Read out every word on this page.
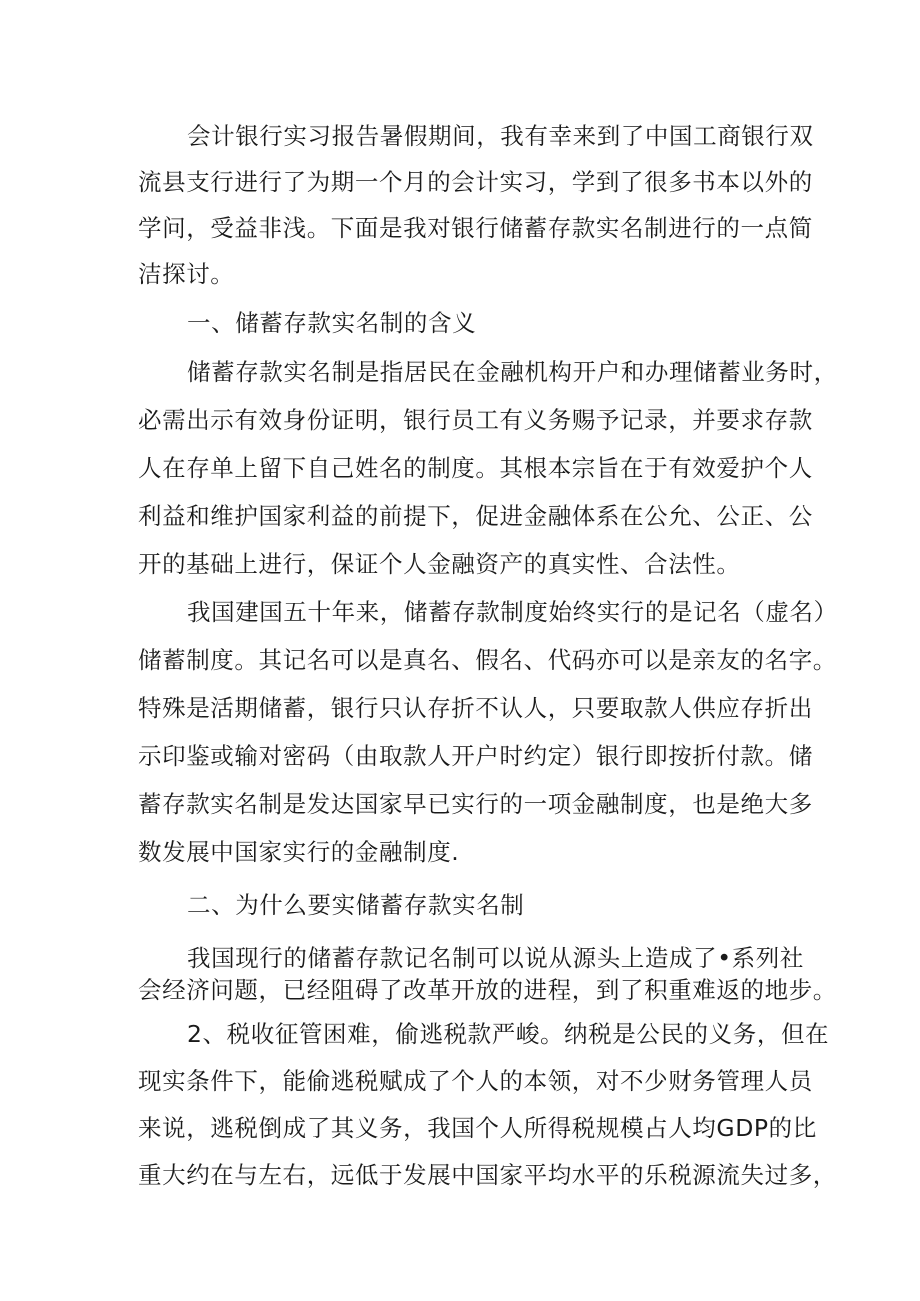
会计银行实习报告暑假期间，我有幸来到了中国工商银行双
流县支行进行了为期一个月的会计实习，学到了很多书本以外的
学问，受益非浅。下面是我对银行储蓄存款实名制进行的一点简
洁探讨。
一、储蓄存款实名制的含义
储蓄存款实名制是指居民在金融机构开户和办理储蓄业务时，
必需出示有效身份证明，银行员工有义务赐予记录，并要求存款
人在存单上留下自己姓名的制度。其根本宗旨在于有效爱护个人
利益和维护国家利益的前提下，促进金融体系在公允、公正、公
开的基础上进行，保证个人金融资产的真实性、合法性。
我国建国五十年来，储蓄存款制度始终实行的是记名（虚名）
储蓄制度。其记名可以是真名、假名、代码亦可以是亲友的名字。
特殊是活期储蓄，银行只认存折不认人，只要取款人供应存折出
示印鉴或输对密码（由取款人开户时约定）银行即按折付款。储
蓄存款实名制是发达国家早已实行的一项金融制度，也是绝大多
数发展中国家实行的金融制度.
二、为什么要实储蓄存款实名制
我国现行的储蓄存款记名制可以说从源头上造成了•系列社
会经济问题，已经阻碍了改革开放的进程，到了积重难返的地步。
2、税收征管困难，偷逃税款严峻。纳税是公民的义务，但在
现实条件下，能偷逃税赋成了个人的本领，对不少财务管理人员
来说，逃税倒成了其义务，我国个人所得税规模占人均GDP的比
重大约在与左右，远低于发展中国家平均水平的乐税源流失过多，
